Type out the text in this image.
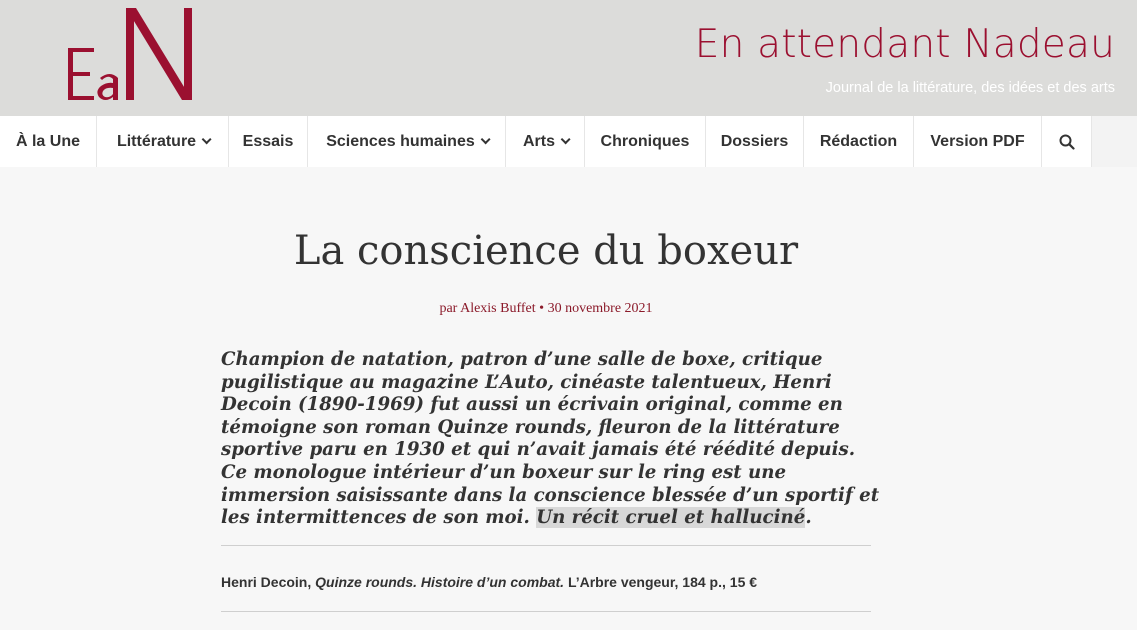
En attendant Nadeau
Journal de la littérature, des idées et des arts
À la Une Littérature	Essais Sciences humaines	Arts	Chroniques Dossiers Rédaction Version PDF
La conscience du boxeur
par Alexis Buffet • 30 novembre 2021

Champion de natation, patron d’une salle de boxe, critique pugilistique au magazine L’Auto, cinéaste talentueux, Henri Decoin (1890-1969) fut aussi un écrivain original, comme en témoigne son roman Quinze rounds, fleuron de la littérature sportive paru en 1930 et qui n’avait jamais été réédité depuis. Ce monologue intérieur d’un boxeur sur le ring est une immersion saisissante dans la conscience blessée d’un sportif et les intermittences de son moi. Un récit cruel et halluciné.

Henri Decoin, Quinze rounds. Histoire d’un combat. L’Arbre vengeur, 184 p., 15 €
